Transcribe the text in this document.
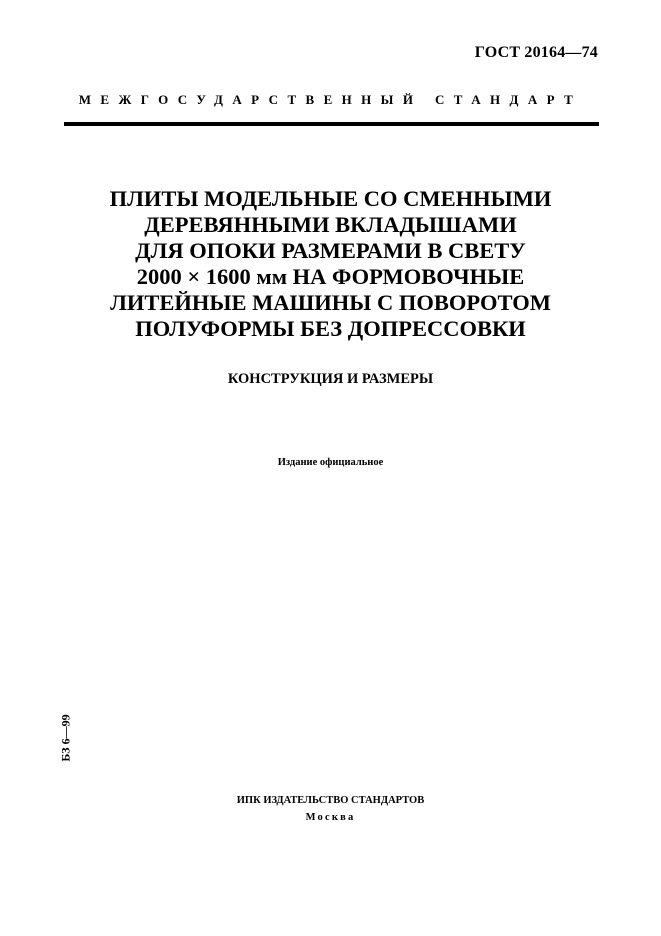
ГОСТ 20164—74
МЕЖГОСУДАРСТВЕННЫЙ СТАНДАРТ
ПЛИТЫ МОДЕЛЬНЫЕ СО СМЕННЫМИ
ДЕРЕВЯННЫМИ ВКЛАДЫШАМИ
ДЛЯ ОПОКИ РАЗМЕРАМИ В СВЕТУ
2000 × 1600 мм НА ФОРМОВОЧНЫЕ
ЛИТЕЙНЫЕ МАШИНЫ С ПОВОРОТОМ
ПОЛУФОРМЫ БЕЗ ДОПРЕССОВКИ
КОНСТРУКЦИЯ И РАЗМЕРЫ
Издание официальное
БЗ 6—99
ИПК ИЗДАТЕЛЬСТВО СТАНДАРТОВ
Москва
